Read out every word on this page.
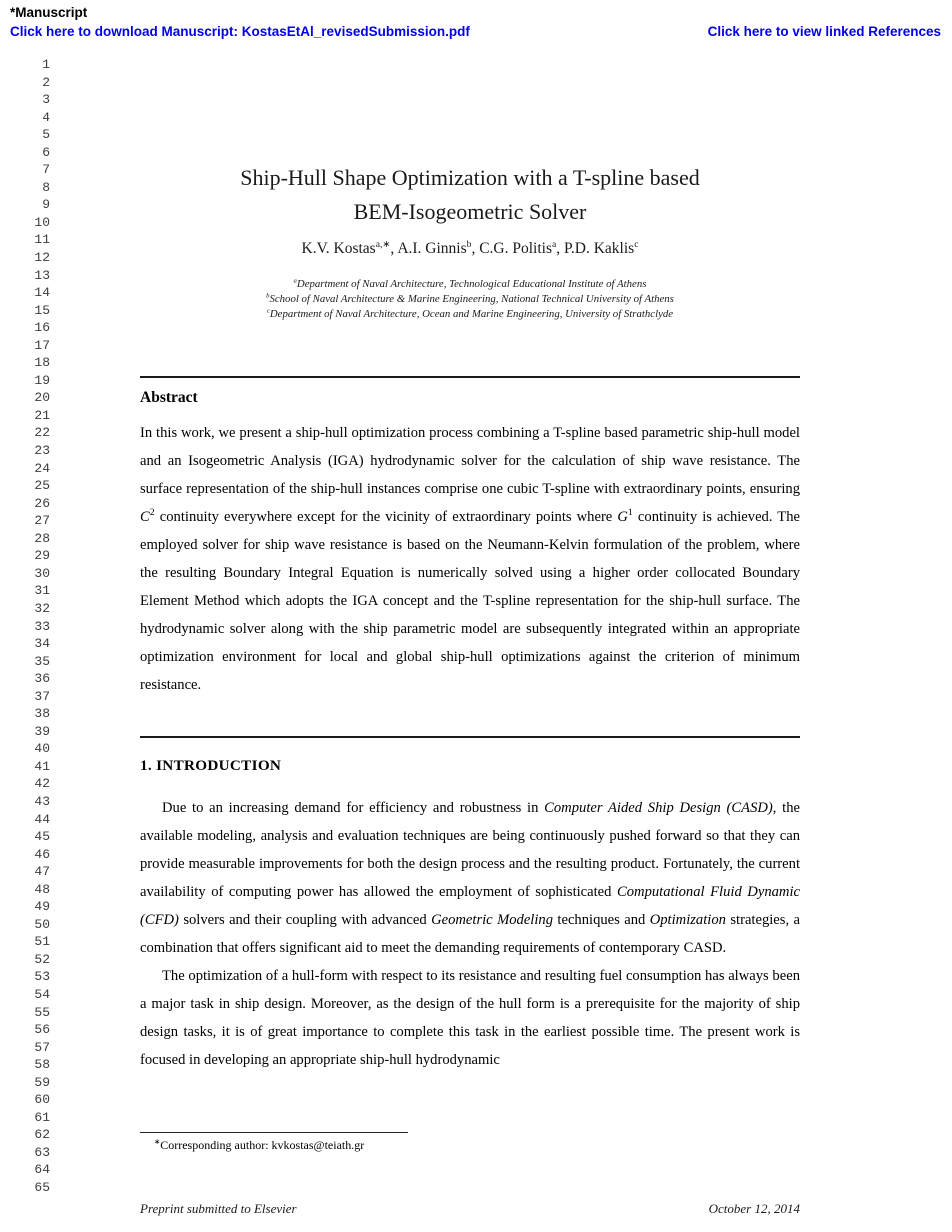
*Manuscript
Click here to download Manuscript: KostasEtAl_revisedSubmission.pdf	Click here to view linked References
1
2
3
4
5
6
7
8
9
10
11
12
13
14
15
16
17
18
19
20
21
22
23
24
25
26
27
28
29
30
31
32
33
34
35
36
37
38
39
40
41
42
43
44
45
46
47
48
49
50
51
52
53
54
55
56
57
58
59
60
61
62
63
64
65
Ship-Hull Shape Optimization with a T-spline based
BEM-Isogeometric Solver
K.V. Kostas$^{a,∗}$, A.I. Ginnis$^b$, C.G. Politis$^a$, P.D. Kaklis$^c$
$^a$Department of Naval Architecture, Technological Educational Institute of Athens
$^b$School of Naval Architecture & Marine Engineering, National Technical University of Athens
$^c$Department of Naval Architecture, Ocean and Marine Engineering, University of Strathclyde
Abstract
In this work, we present a ship-hull optimization process combining a T-spline based parametric ship-hull model and an Isogeometric Analysis (IGA) hydrodynamic solver for the calculation of ship wave resistance. The surface representation of the ship-hull instances comprise one cubic T-spline with extraordinary points, ensuring $C^2$ continuity everywhere except for the vicinity of extraordinary points where $G^1$ continuity is achieved. The employed solver for ship wave resistance is based on the Neumann-Kelvin formulation of the problem, where the resulting Boundary Integral Equation is numerically solved using a higher order collocated Boundary Element Method which adopts the IGA concept and the T-spline representation for the ship-hull surface. The hydrodynamic solver along with the ship parametric model are subsequently integrated within an appropriate optimization environment for local and global ship-hull optimizations against the criterion of minimum resistance.
1. INTRODUCTION

Due to an increasing demand for efficiency and robustness in Computer Aided Ship Design (CASD), the available modeling, analysis and evaluation techniques are being continuously pushed forward so that they can provide measurable improvements for both the design process and the resulting product. Fortunately, the current availability of computing power has allowed the employment of sophisticated Computational Fluid Dynamic (CFD) solvers and their coupling with advanced Geometric Modeling techniques and Optimization strategies, a combination that offers significant aid to meet the demanding requirements of contemporary CASD.

The optimization of a hull-form with respect to its resistance and resulting fuel consumption has always been a major task in ship design. Moreover, as the design of the hull form is a prerequisite for the majority of ship design tasks, it is of great importance to complete this task in the earliest possible time. The present work is focused in developing an appropriate ship-hull hydrodynamic

∗Corresponding author: kvkostas@teiath.gr
Preprint submitted to Elsevier	October 12, 2014
